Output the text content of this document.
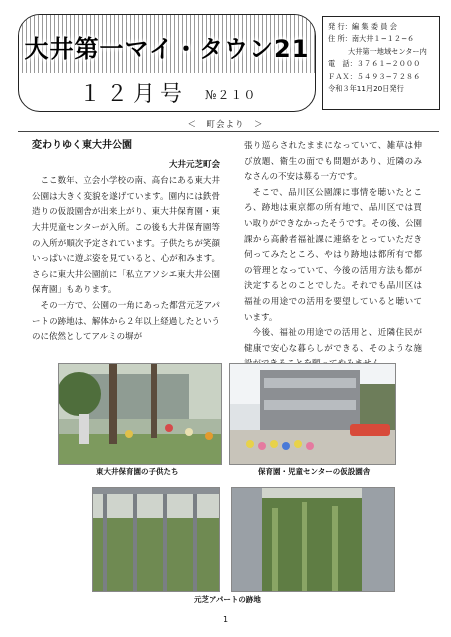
大井第一マイ・タウン21
１２月号 №２１０
発 行：編 集 委 員 会
住 所：南大井１−１２−６
大井第一地域センター内
電　話：３７６１−２０００
ＦＡＸ：５４９３−７２８６
令和３年11月20日発行
＜　町会より　＞
変わりゆく東大井公園
大井元芝町会

ここ数年、立会小学校の南、高台にある東大井公園は大きく変貌を遂げています。園内には鉄骨造りの仮設園舎が出来上がり、東大井保育園・東大井児童センターが入所。この後も大井保育園等の入所が順次予定されています。子供たちが笑顔いっぱいに遊ぶ姿を見ていると、心が和みます。さらに東大井公園前に「私立アソシエ東大井公園保育園」もあります。

その一方で、公園の一角にあった都営元芝アパートの跡地は、解体から２年以上経過したというのに依然としてアルミの塀が

張り巡らされたままになっていて、雑草は伸び放題、衛生の面でも問題があり、近隣のみなさんの不安は募る一方です。

そこで、品川区公園課に事情を聴いたところ、跡地は東京都の所有地で、品川区では買い取りができなかったそうです。その後、公園課から高齢者福祉課に連絡をとっていただき伺ってみたところ、やはり跡地は都所有で都の管理となっていて、今後の活用方法も都が決定するとのことでした。それでも品川区は福祉の用途での活用を要望していると聴いています。

今後、福祉の用途での活用と、近隣住民が健康で安心な暮らしができる、そのような施

東大井保育園の子供たち	保育園・児童センターの仮設園舎
元芝アパートの跡地
1
